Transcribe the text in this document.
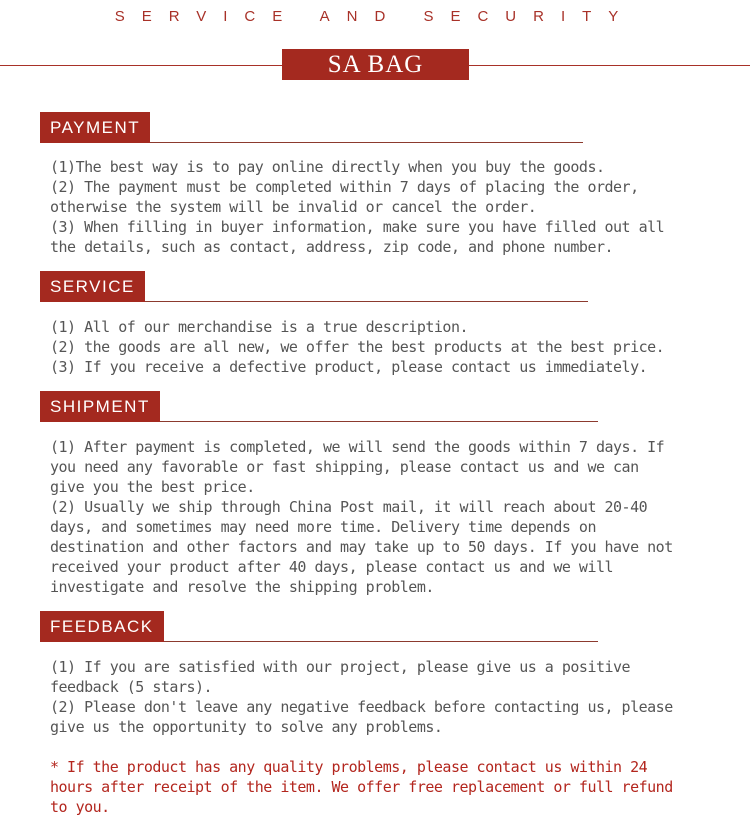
SERVICE AND SECURITY
SA BAG
PAYMENT

(1)The best way is to pay online directly when you buy the goods.
(2) The payment must be completed within 7 days of placing the order,
otherwise the system will be invalid or cancel the order.
(3) When filling in buyer information, make sure you have filled out all
the details, such as contact, address, zip code, and phone number.

SERVICE

(1) All of our merchandise is a true description.
(2) the goods are all new, we offer the best products at the best price.
(3) If you receive a defective product, please contact us immediately.

SHIPMENT

(1) After payment is completed, we will send the goods within 7 days. If
you need any favorable or fast shipping, please contact us and we can
give you the best price.
(2) Usually we ship through China Post mail, it will reach about 20-40
days, and sometimes may need more time. Delivery time depends on
destination and other factors and may take up to 50 days. If you have not
received your product after 40 days, please contact us and we will
investigate and resolve the shipping problem.

FEEDBACK

(1) If you are satisfied with our project, please give us a positive
feedback (5 stars).
(2) Please don't leave any negative feedback before contacting us, please
give us the opportunity to solve any problems.

* If the product has any quality problems, please contact us within 24
hours after receipt of the item. We offer free replacement or full refund
to you.
